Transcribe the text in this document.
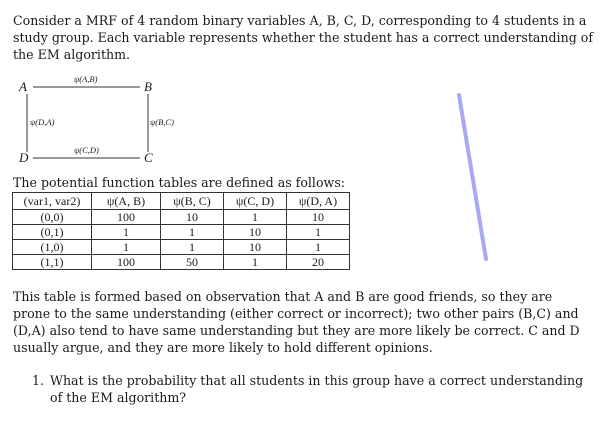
Consider a MRF of 4 random binary variables A, B, C, D, corresponding to 4 students in a study group. Each variable represents whether the student has a correct understanding of the EM algorithm.

A	B
C
D
ψ(A,B)
ψ(B,C)
ψ(C,D)
ψ(D,A)

The potential function tables are defined as follows:

(var1, var2)	ψ(A, B)	ψ(B, C)	ψ(C, D)	ψ(D, A)
(0,0)	100	10	1	10
(0,1)	1	1	10	1
(1,0)	1	1	10	1
(1,1)	100	50	1	20

This table is formed based on observation that A and B are good friends, so they are prone to the same understanding (either correct or incorrect); two other pairs (B,C) and (D,A) also tend to have same understanding but they are more likely be correct. C and D usually argue, and they are more likely to hold different opinions.

1. What is the probability that all students in this group have a correct understanding of the EM algorithm?
